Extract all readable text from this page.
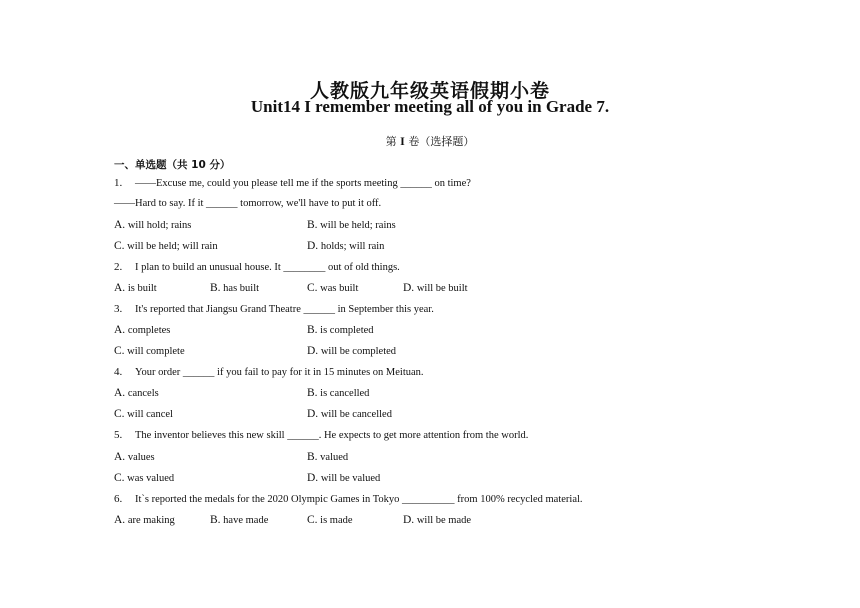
人教版九年级英语假期小卷
Unit14 I remember meeting all of you in Grade 7.
第 I 卷（选择题）
一、单选题（共 10 分）
1. ——Excuse me, could you please tell me if the sports meeting ______ on time?
——Hard to say. If it ______ tomorrow, we'll have to put it off.
A. will hold; rains	B. will be held; rains
C. will be held; will rain	D. holds; will rain
2. I plan to build an unusual house. It ________ out of old things.
A. is built	B. has built	C. was built	D. will be built
3. It's reported that Jiangsu Grand Theatre ______ in September this year.
A. completes	B. is completed
C. will complete	D. will be completed
4. Your order ______ if you fail to pay for it in 15 minutes on Meituan.
A. cancels	B. is cancelled
C. will cancel	D. will be cancelled
5. The inventor believes this new skill ______. He expects to get more attention from the world.
A. values	B. valued
C. was valued	D. will be valued
6. It`s reported the medals for the 2020 Olympic Games in Tokyo __________ from 100% recycled material.
A. are making	B. have made	C. is made	D. will be made
